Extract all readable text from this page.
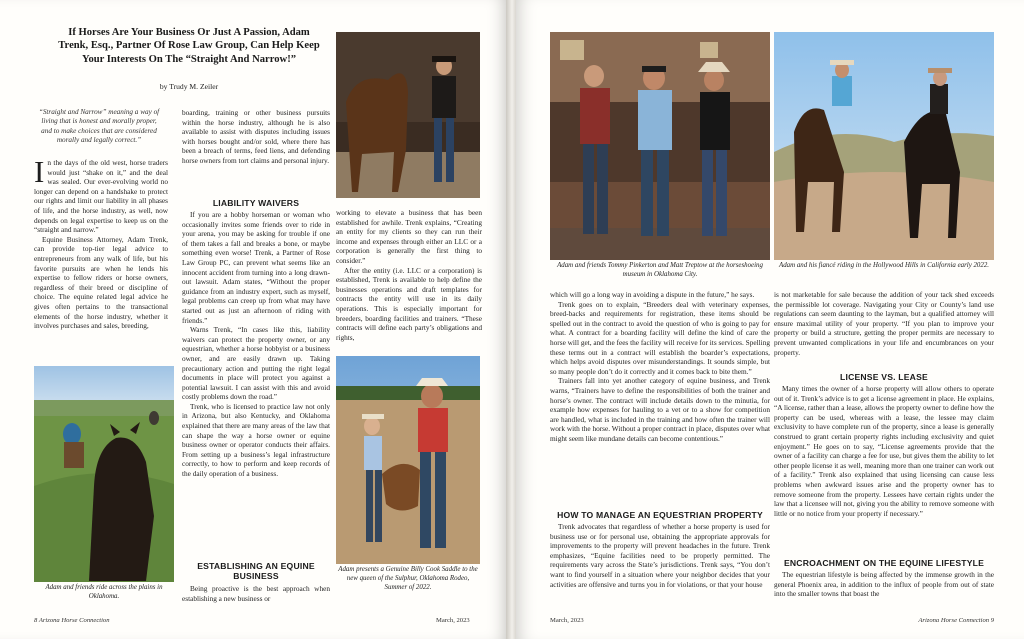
If Horses Are Your Business Or Just A Passion, Adam Trenk, Esq., Partner Of Rose Law Group, Can Help Keep Your Interests On The “Straight And Narrow!”
by Trudy M. Zeiler
“Straight and Narrow” meaning a way of living that is honest and morally proper, and to make choices that are considered morally and legally correct.”
In the days of the old west, horse traders would just “shake on it,” and the deal was sealed. Our ever-evolving world no longer can depend on a handshake to protect our rights and limit our liability in all phases of life, and the horse industry, as well, now depends on legal expertise to keep us on the “straight and narrow.”

Equine Business Attorney, Adam Trenk, can provide top-tier legal advice to entrepreneurs from any walk of life, but his favorite pursuits are when he lends his expertise to fellow riders or horse owners, regardless of their breed or discipline of choice. The equine related legal advice he gives often pertains to the transactional elements of the horse industry, whether it involves purchases and sales, breeding,

Adam and friends ride across the plains in Oklahoma.
boarding, training or other business pursuits within the horse industry, although he is also available to assist with disputes including issues with horses bought and/or sold, where there has been a breach of terms, feed liens, and defending horse owners from tort claims and personal injury.
LIABILITY WAIVERS

If you are a hobby horseman or woman who occasionally invites some friends over to ride in your arena, you may be asking for trouble if one of them takes a fall and breaks a bone, or maybe something even worse! Trenk, a Partner of Rose Law Group PC, can prevent what seems like an innocent accident from turning into a long drawn-out lawsuit. Adam states, “Without the proper guidance from an industry expert, such as myself, legal problems can creep up from what may have started out as just an afternoon of riding with friends.”

Warns Trenk, “In cases like this, liability waivers can protect the property owner, or any equestrian, whether a horse hobbyist or a business owner, and are easily drawn up. Taking precautionary action and putting the right legal documents in place will protect you against a potential lawsuit. I can assist with this and avoid costly problems down the road.”

Trenk, who is licensed to practice law not only in Arizona, but also Kentucky, and Oklahoma explained that there are many areas of the law that can shape the way a horse owner or equine business owner or operator conducts their affairs. From setting up a business’s legal infrastructure correctly, to how to perform and keep records of the daily operation of a business.

ESTABLISHING AN EQUINE BUSINESS

Being proactive is the best approach when establishing a new business or

working to elevate a business that has been established for awhile. Trenk explains, “Creating an entity for my clients so they can run their income and expenses through either an LLC or a corporation is generally the first thing to consider.”

After the entity (i.e. LLC or a corporation) is established, Trenk is available to help define the businesses operations and draft templates for contracts the entity will use in its daily operations. This is especially important for breeders, boarding facilities and trainers. “These contracts will define each party’s obligations and rights,

Adam presents a Genuine Billy Cook Saddle to the new queen of the Sulphur, Oklahoma Rodeo, Summer of 2022.
8 Arizona Horse Connection	March, 2023
Adam and friends Tommy Pinkerton and Matt Treptow at the horseshoeing museum in Oklahoma City.
Adam and his fiancé riding in the Hollywood Hills in California early 2022.
which will go a long way in avoiding a dispute in the future,” he says.

Trenk goes on to explain, “Breeders deal with veterinary expenses, breed-backs and requirements for registration, these items should be spelled out in the contract to avoid the question of who is going to pay for what. A contract for a boarding facility will define the kind of care the horse will get, and the fees the facility will receive for its services. Spelling these terms out in a contract will establish the boarder’s expectations, which helps avoid disputes over misunderstandings. It sounds simple, but so many people don’t do it correctly and it comes back to bite them.”

Trainers fall into yet another category of equine business, and Trenk warns, “Trainers have to define the responsibilities of both the trainer and horse’s owner. The contract will include details down to the minutia, for example how expenses for hauling to a vet or to a show for competition are handled, what is included in the training and how often the trainer will work with the horse. Without a proper contract in place, disputes over what might seem like mundane details can become contentious.”

HOW TO MANAGE AN EQUESTRIAN PROPERTY

Trenk advocates that regardless of whether a horse property is used for business use or for personal use, obtaining the appropriate approvals for improvements to the property will prevent headaches in the future. Trenk emphasizes, “Equine facilities need to be properly permitted. The requirements vary across the State’s jurisdictions. Trenk says, “You don’t want to find yourself in a situation where your neighbor decides that your activities are offensive and turns you in for violations, or that your house

is not marketable for sale because the addition of your tack shed exceeds the permissible lot coverage. Navigating your City or County’s land use regulations can seem daunting to the layman, but a qualified attorney will ensure maximal utility of your property. “If you plan to improve your property or build a structure, getting the proper permits are necessary to prevent unwanted complications in your life and encumbrances on your property.
LICENSE VS. LEASE

Many times the owner of a horse property will allow others to operate out of it. Trenk’s advice is to get a license agreement in place. He explains, “A license, rather than a lease, allows the property owner to define how the property can be used, whereas with a lease, the lessee may claim exclusivity to have complete run of the property, since a lease is generally construed to grant certain property rights including exclusivity and quiet enjoyment.” He goes on to say, “License agreements provide that the owner of a facility can charge a fee for use, but gives them the ability to let other people license it as well, meaning more than one trainer can work out of a facility.” Trenk also explained that using licensing can cause less problems when awkward issues arise and the property owner has to remove someone from the property. Lessees have certain rights under the law that a licensee will not, giving you the ability to remove someone with little or no notice from your property if necessary.”

ENCROACHMENT ON THE EQUINE LIFESTYLE

The equestrian lifestyle is being affected by the immense growth in the general Phoenix area, in addition to the influx of people from out of state into the smaller towns that boast the

March, 2023	Arizona Horse Connection 9
